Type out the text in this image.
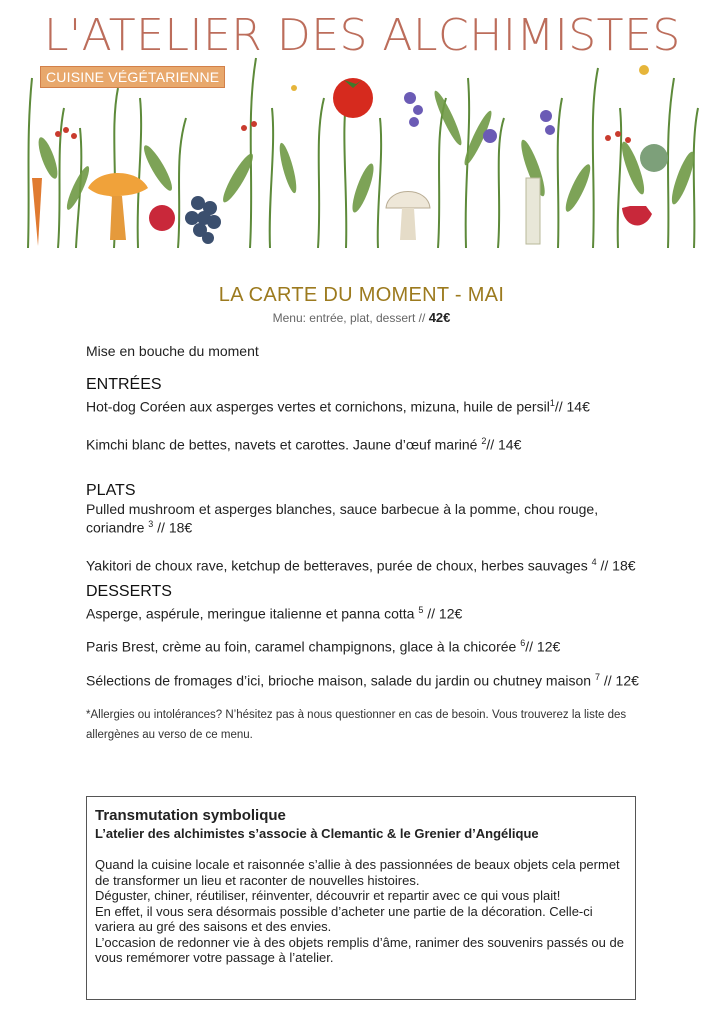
L'ATELIER DES ALCHIMISTES
CUISINE VÉGÉTARIENNE
LA CARTE DU MOMENT - MAI
Menu: entrée, plat, dessert // 42€

Mise en bouche du moment

ENTRÉES

Hot-dog Coréen aux asperges vertes et cornichons, mizuna, huile de persil$^1$// 14€

Kimchi blanc de bettes, navets et carottes. Jaune d’œuf mariné $^2$// 14€

PLATS

Pulled mushroom et asperges blanches, sauce barbecue à la pomme, chou rouge, coriandre $^3$ // 18€

Yakitori de choux rave, ketchup de betteraves, purée de choux, herbes sauvages $^4$ // 18€

DESSERTS

Asperge, aspérule, meringue italienne et panna cotta $^5$ // 12€

Paris Brest, crème au foin, caramel champignons, glace à la chicorée $^6$// 12€

Sélections de fromages d’ici, brioche maison, salade du jardin ou chutney maison $^7$ // 12€

*Allergies ou intolérances? N’hésitez pas à nous questionner en cas de besoin. Vous trouverez la liste des allergènes au verso de ce menu.

Transmutation symbolique
L’atelier des alchimistes s’associe à Clemantic & le Grenier d’Angélique

Quand la cuisine locale et raisonnée s’allie à des passionnées de beaux objets cela permet de transformer un lieu et raconter de nouvelles histoires.

Déguster, chiner, réutiliser, réinventer, découvrir et repartir avec ce qui vous plait!

En effet, il vous sera désormais possible d’acheter une partie de la décoration. Celle-ci variera au gré des saisons et des envies.

L’occasion de redonner vie à des objets remplis d’âme, ranimer des souvenirs passés ou de vous remémorer votre passage à l’atelier.
